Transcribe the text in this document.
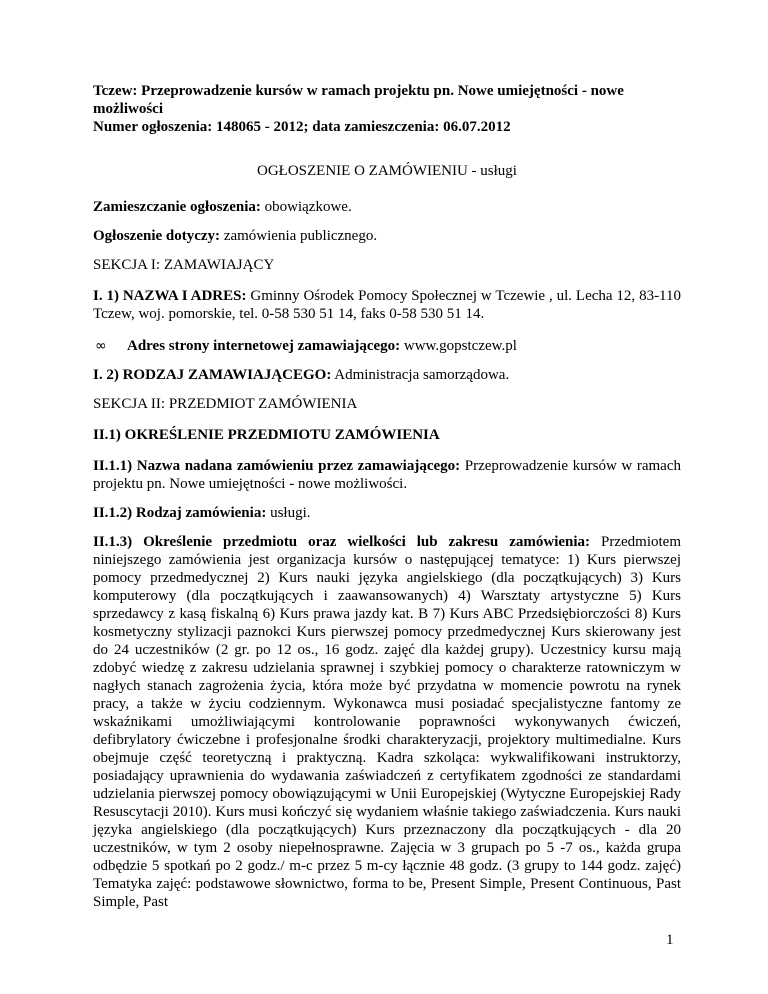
Tczew: Przeprowadzenie kursów w ramach projektu pn. Nowe umiejętności - nowe
możliwości
Numer ogłoszenia: 148065 - 2012; data zamieszczenia: 06.07.2012

OGŁOSZENIE O ZAMÓWIENIU - usługi

Zamieszczanie ogłoszenia: obowiązkowe.

Ogłoszenie dotyczy: zamówienia publicznego.

SEKCJA I: ZAMAWIAJĄCY

I. 1) NAZWA I ADRES: Gminny Ośrodek Pomocy Społecznej w Tczewie , ul. Lecha 12, 83-110 Tczew, woj. pomorskie, tel. 0-58 530 51 14, faks 0-58 530 51 14.

∞	Adres strony internetowej zamawiającego: www.gopstczew.pl

I. 2) RODZAJ ZAMAWIAJĄCEGO: Administracja samorządowa.

SEKCJA II: PRZEDMIOT ZAMÓWIENIA

II.1) OKREŚLENIE PRZEDMIOTU ZAMÓWIENIA

II.1.1) Nazwa nadana zamówieniu przez zamawiającego: Przeprowadzenie kursów w ramach projektu pn. Nowe umiejętności - nowe możliwości.

II.1.2) Rodzaj zamówienia: usługi.

II.1.3) Określenie przedmiotu oraz wielkości lub zakresu zamówienia: Przedmiotem niniejszego zamówienia jest organizacja kursów o następującej tematyce: 1) Kurs pierwszej pomocy przedmedycznej 2) Kurs nauki języka angielskiego (dla początkujących) 3) Kurs komputerowy (dla początkujących i zaawansowanych) 4) Warsztaty artystyczne 5) Kurs sprzedawcy z kasą fiskalną 6) Kurs prawa jazdy kat. B 7) Kurs ABC Przedsiębiorczości 8) Kurs kosmetyczny stylizacji paznokci Kurs pierwszej pomocy przedmedycznej Kurs skierowany jest do 24 uczestników (2 gr. po 12 os., 16 godz. zajęć dla każdej grupy). Uczestnicy kursu mają zdobyć wiedzę z zakresu udzielania sprawnej i szybkiej pomocy o charakterze ratowniczym w nagłych stanach zagrożenia życia, która może być przydatna w momencie powrotu na rynek pracy, a także w życiu codziennym. Wykonawca musi posiadać specjalistyczne fantomy ze wskaźnikami umożliwiającymi kontrolowanie poprawności wykonywanych ćwiczeń, defibrylatory ćwiczebne i profesjonalne środki charakteryzacji, projektory multimedialne. Kurs obejmuje część teoretyczną i praktyczną. Kadra szkoląca: wykwalifikowani instruktorzy, posiadający uprawnienia do wydawania zaświadczeń z certyfikatem zgodności ze standardami udzielania pierwszej pomocy obowiązującymi w Unii Europejskiej (Wytyczne Europejskiej Rady Resuscytacji 2010). Kurs musi kończyć się wydaniem właśnie takiego zaświadczenia. Kurs nauki języka angielskiego (dla początkujących) Kurs przeznaczony dla początkujących - dla 20 uczestników, w tym 2 osoby niepełnosprawne. Zajęcia w 3 grupach po 5 -7 os., każda grupa odbędzie 5 spotkań po 2 godz./ m-c przez 5 m-cy łącznie 48 godz. (3 grupy to 144 godz. zajęć) Tematyka zajęć: podstawowe słownictwo, forma to be, Present Simple, Present Continuous, Past Simple, Past

1
